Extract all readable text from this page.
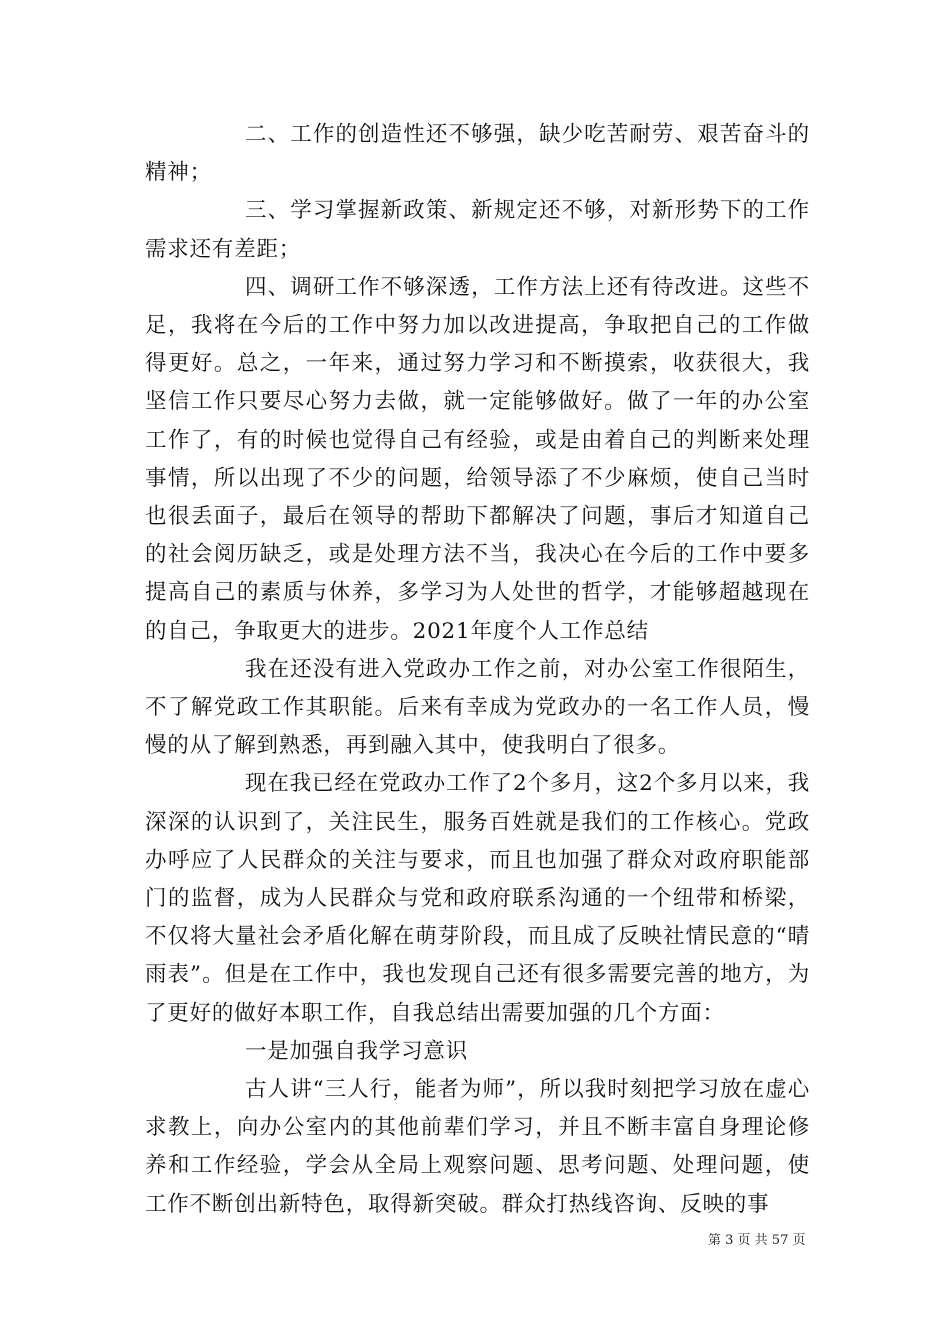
二、工作的创造性还不够强，缺少吃苦耐劳、艰苦奋斗的精神；

三、学习掌握新政策、新规定还不够，对新形势下的工作需求还有差距；

四、调研工作不够深透，工作方法上还有待改进。这些不足，我将在今后的工作中努力加以改进提高，争取把自己的工作做得更好。总之，一年来，通过努力学习和不断摸索，收获很大，我坚信工作只要尽心努力去做，就一定能够做好。做了一年的办公室工作了，有的时候也觉得自己有经验，或是由着自己的判断来处理事情，所以出现了不少的问题，给领导添了不少麻烦，使自己当时也很丢面子，最后在领导的帮助下都解决了问题，事后才知道自己的社会阅历缺乏，或是处理方法不当，我决心在今后的工作中要多提高自己的素质与休养，多学习为人处世的哲学，才能够超越现在的自己，争取更大的进步。2021年度个人工作总结

我在还没有进入党政办工作之前，对办公室工作很陌生，不了解党政工作其职能。后来有幸成为党政办的一名工作人员，慢慢的从了解到熟悉，再到融入其中，使我明白了很多。

现在我已经在党政办工作了2个多月，这2个多月以来，我深深的认识到了，关注民生，服务百姓就是我们的工作核心。党政办呼应了人民群众的关注与要求，而且也加强了群众对政府职能部门的监督，成为人民群众与党和政府联系沟通的一个纽带和桥梁，不仅将大量社会矛盾化解在萌芽阶段，而且成了反映社情民意的“晴雨表”。但是在工作中，我也发现自己还有很多需要完善的地方，为了更好的做好本职工作，自我总结出需要加强的几个方面：

一是加强自我学习意识

古人讲“三人行，能者为师”，所以我时刻把学习放在虚心求教上，向办公室内的其他前辈们学习，并且不断丰富自身理论修养和工作经验，学会从全局上观察问题、思考问题、处理问题，使工作不断创出新特色，取得新突破。群众打热线咨询、反映的事

第 3 页 共 57 页
